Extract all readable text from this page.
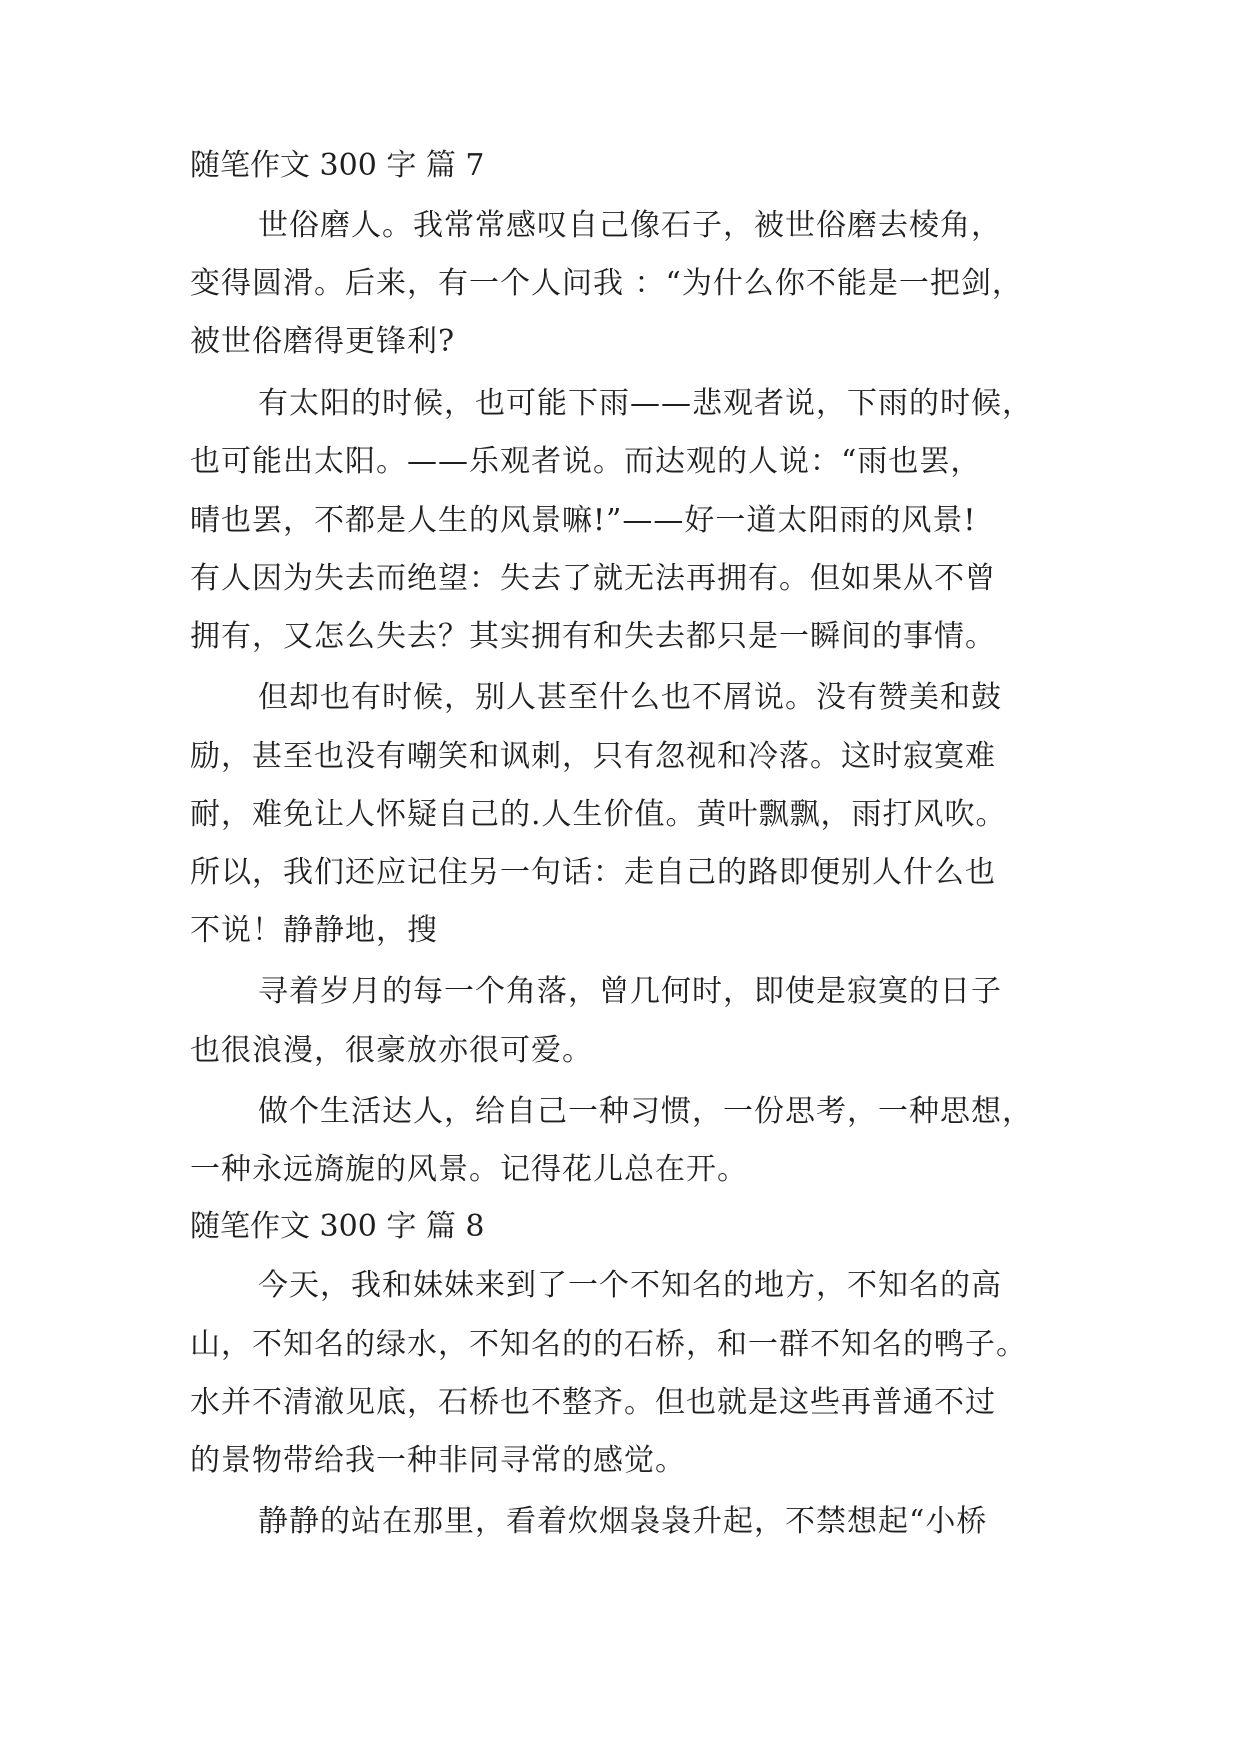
随笔作文 300 字 篇 7

世俗磨人。我常常感叹自己像石子，被世俗磨去棱角，

变得圆滑。后来，有一个人问我 ：“为什么你不能是一把剑，

被世俗磨得更锋利?

有太阳的时候，也可能下雨——悲观者说，下雨的时候，

也可能出太阳。——乐观者说。而达观的人说：“雨也罢，

晴也罢，不都是人生的风景嘛!”——好一道太阳雨的风景!

有人因为失去而绝望：失去了就无法再拥有。但如果从不曾

拥有，又怎么失去？其实拥有和失去都只是一瞬间的事情。

但却也有时候，别人甚至什么也不屑说。没有赞美和鼓

励，甚至也没有嘲笑和讽刺，只有忽视和冷落。这时寂寞难

耐，难免让人怀疑自己的.人生价值。黄叶飘飘，雨打风吹。

所以，我们还应记住另一句话：走自己的路即便别人什么也

不说！静静地，搜

寻着岁月的每一个角落，曾几何时，即使是寂寞的日子

也很浪漫，很豪放亦很可爱。

做个生活达人，给自己一种习惯，一份思考，一种思想，

一种永远旖旎的风景。记得花儿总在开。

随笔作文 300 字 篇 8

今天，我和妹妹来到了一个不知名的地方，不知名的高

山，不知名的绿水，不知名的的石桥，和一群不知名的鸭子。

水并不清澈见底，石桥也不整齐。但也就是这些再普通不过

的景物带给我一种非同寻常的感觉。

静静的站在那里，看着炊烟袅袅升起，不禁想起“小桥
